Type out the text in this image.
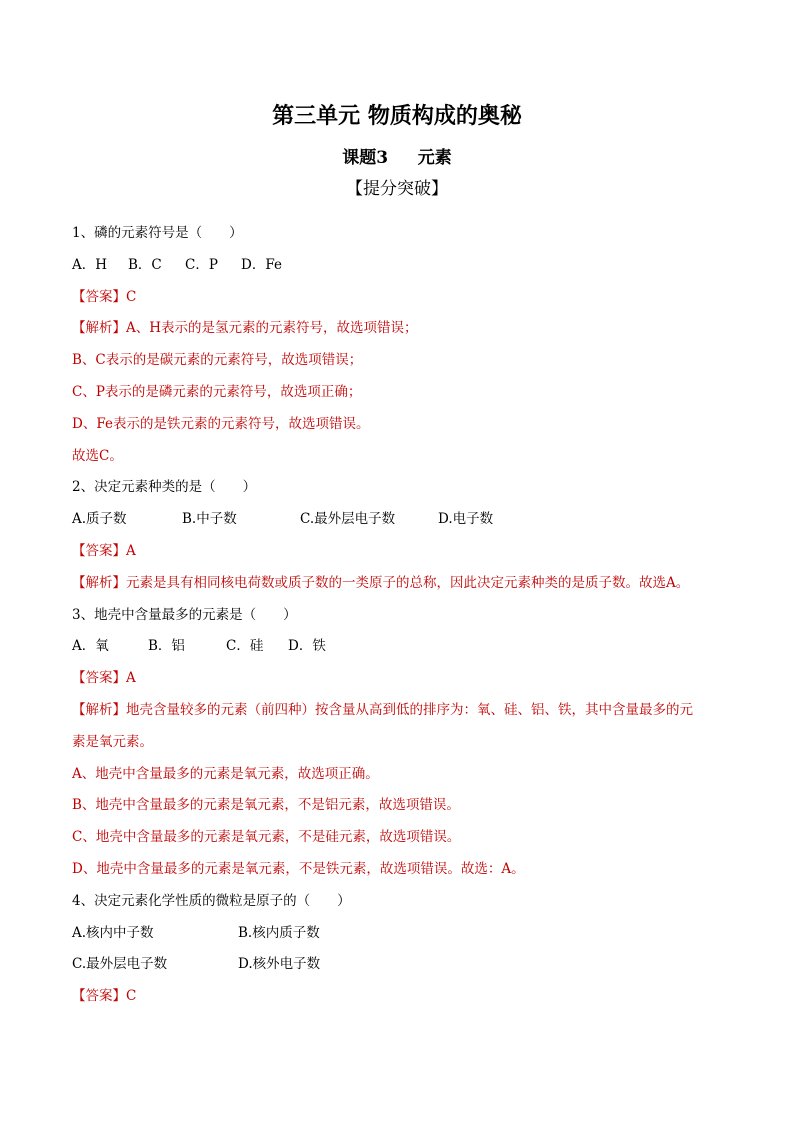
第三单元 物质构成的奥秘
课题3     元素
【提分突破】
1、磷的元素符号是（　　）
A．H B．C C．P D．Fe
【答案】C
【解析】A、H表示的是氢元素的元素符号，故选项错误；
B、C表示的是碳元素的元素符号，故选项错误；
C、P表示的是磷元素的元素符号，故选项正确；
D、Fe表示的是铁元素的元素符号，故选项错误。
故选C。
2、决定元素种类的是（　　）
A.质子数	B.中子数	C.最外层电子数	D.电子数
【答案】A
【解析】元素是具有相同核电荷数或质子数的一类原子的总称，因此决定元素种类的是质子数。故选A。
3、地壳中含量最多的元素是（　　）
A．氧	B．铝	C．硅 D．铁
【答案】A
【解析】地壳含量较多的元素（前四种）按含量从高到低的排序为：氧、硅、铝、铁，其中含量最多的元
素是氧元素。
A、地壳中含量最多的元素是氧元素，故选项正确。
B、地壳中含量最多的元素是氧元素，不是铝元素，故选项错误。
C、地壳中含量最多的元素是氧元素，不是硅元素，故选项错误。
D、地壳中含量最多的元素是氧元素，不是铁元素，故选项错误。故选：A。
4、决定元素化学性质的微粒是原子的（　　）
A.核内中子数	B.核内质子数
C.最外层电子数	D.核外电子数
【答案】C
